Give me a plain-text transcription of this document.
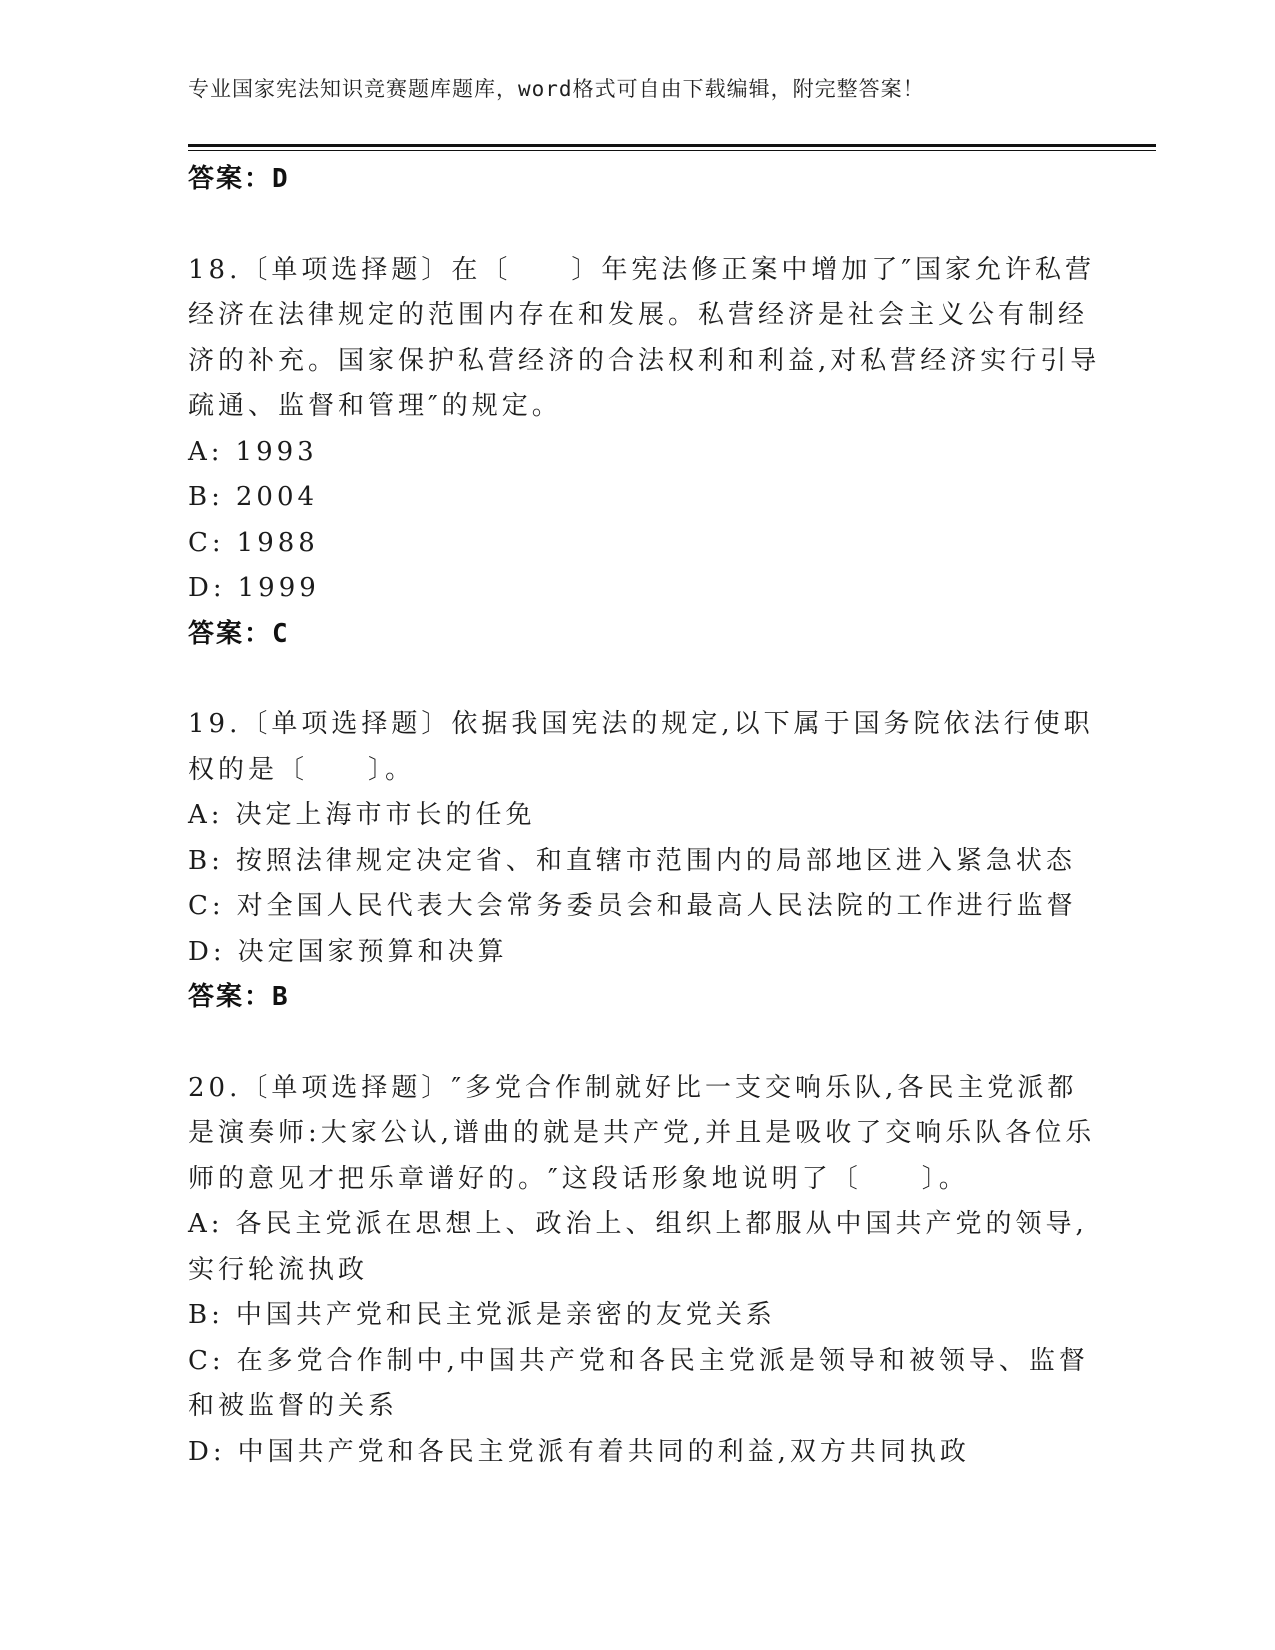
专业国家宪法知识竞赛题库题库，word格式可自由下载编辑，附完整答案！
答案：D
18.〔单项选择题〕在〔　　〕年宪法修正案中增加了″国家允许私营
经济在法律规定的范围内存在和发展。私营经济是社会主义公有制经
济的补充。国家保护私营经济的合法权利和利益,对私营经济实行引导
疏通、监督和管理″的规定。
A: 1993
B: 2004
C: 1988
D: 1999
答案：C
19.〔单项选择题〕依据我国宪法的规定,以下属于国务院依法行使职
权的是〔　　〕。
A: 决定上海市市长的任免
B: 按照法律规定决定省、和直辖市范围内的局部地区进入紧急状态
C: 对全国人民代表大会常务委员会和最高人民法院的工作进行监督
D: 决定国家预算和决算
答案：B
20.〔单项选择题〕″多党合作制就好比一支交响乐队,各民主党派都
是演奏师:大家公认,谱曲的就是共产党,并且是吸收了交响乐队各位乐
师的意见才把乐章谱好的。″这段话形象地说明了〔　　〕。
A: 各民主党派在思想上、政治上、组织上都服从中国共产党的领导,
实行轮流执政
B: 中国共产党和民主党派是亲密的友党关系
C: 在多党合作制中,中国共产党和各民主党派是领导和被领导、监督
和被监督的关系
D: 中国共产党和各民主党派有着共同的利益,双方共同执政
